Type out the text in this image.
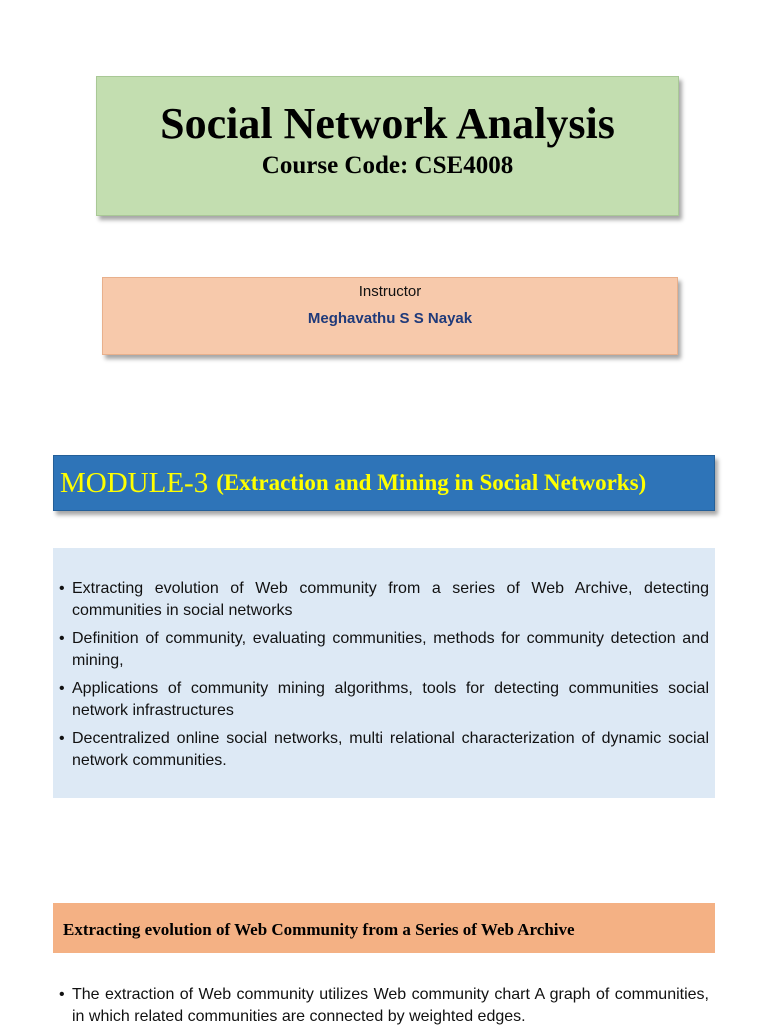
Social Network Analysis
Course Code: CSE4008
Instructor
Meghavathu S S Nayak
MODULE-3 (Extraction and Mining in Social Networks)
• Extracting evolution of Web community from a series of Web Archive, detecting communities in social networks
• Definition of community, evaluating communities, methods for community detection and mining,
• Applications of community mining algorithms, tools for detecting communities social network infrastructures
• Decentralized online social networks, multi relational characterization of dynamic social network communities.
Extracting evolution of Web Community from a Series of Web Archive
• The extraction of Web community utilizes Web community chart A graph of communities, in which related communities are connected by weighted edges.
